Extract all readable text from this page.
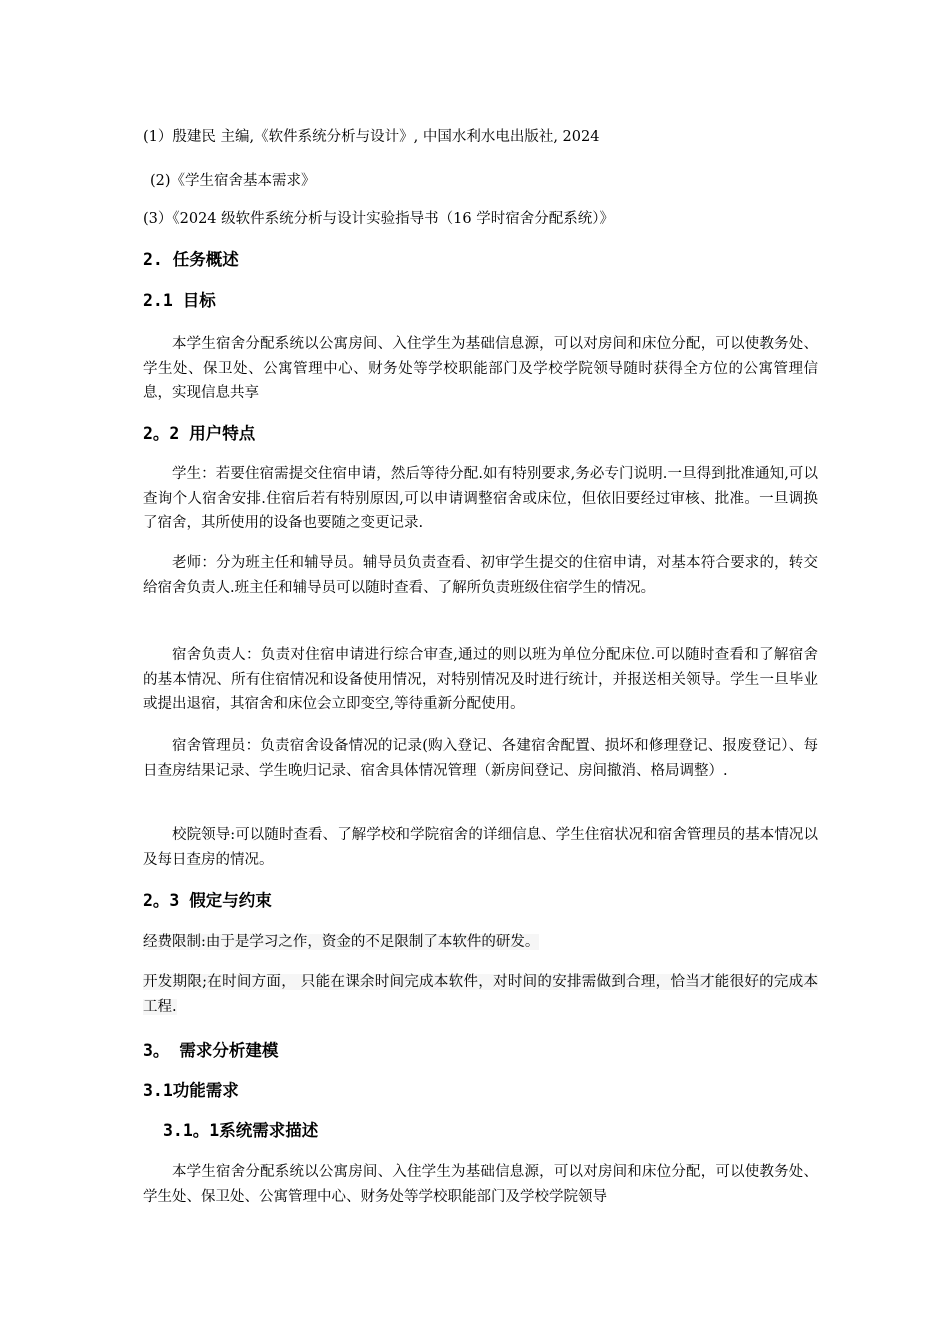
(1）殷建民 主编,《软件系统分析与设计》, 中国水利水电出版社, 2024

(2)《学生宿舍基本需求》

(3）《2024 级软件系统分析与设计实验指导书（16 学时宿舍分配系统）》

2. 任务概述
2.1 目标

本学生宿舍分配系统以公寓房间、入住学生为基础信息源，可以对房间和床位分配，可以使教务处、学生处、保卫处、公寓管理中心、财务处等学校职能部门及学校学院领导随时获得全方位的公寓管理信息，实现信息共享

2。2 用户特点

学生：若要住宿需提交住宿申请，然后等待分配.如有特别要求,务必专门说明.一旦得到批准通知,可以查询个人宿舍安排.住宿后若有特别原因,可以申请调整宿舍或床位，但依旧要经过审核、批准。一旦调换了宿舍，其所使用的设备也要随之变更记录.

老师：分为班主任和辅导员。辅导员负责查看、初审学生提交的住宿申请，对基本符合要求的，转交给宿舍负责人.班主任和辅导员可以随时查看、了解所负责班级住宿学生的情况。

宿舍负责人：负责对住宿申请进行综合审查,通过的则以班为单位分配床位.可以随时查看和了解宿舍的基本情况、所有住宿情况和设备使用情况，对特别情况及时进行统计，并报送相关领导。学生一旦毕业或提出退宿，其宿舍和床位会立即变空,等待重新分配使用。

宿舍管理员：负责宿舍设备情况的记录(购入登记、各建宿舍配置、损坏和修理登记、报废登记）、每日查房结果记录、学生晚归记录、宿舍具体情况管理（新房间登记、房间撤消、格局调整）.

校院领导:可以随时查看、了解学校和学院宿舍的详细信息、学生住宿状况和宿舍管理员的基本情况以及每日查房的情况。

2。3 假定与约束

经费限制:由于是学习之作，资金的不足限制了本软件的研发。

开发期限;在时间方面， 只能在课余时间完成本软件，对时间的安排需做到合理，恰当才能很好的完成本工程.

3。 需求分析建模
3.1功能需求
3.1。1系统需求描述

本学生宿舍分配系统以公寓房间、入住学生为基础信息源，可以对房间和床位分配，可以使教务处、学生处、保卫处、公寓管理中心、财务处等学校职能部门及学校学院领导
